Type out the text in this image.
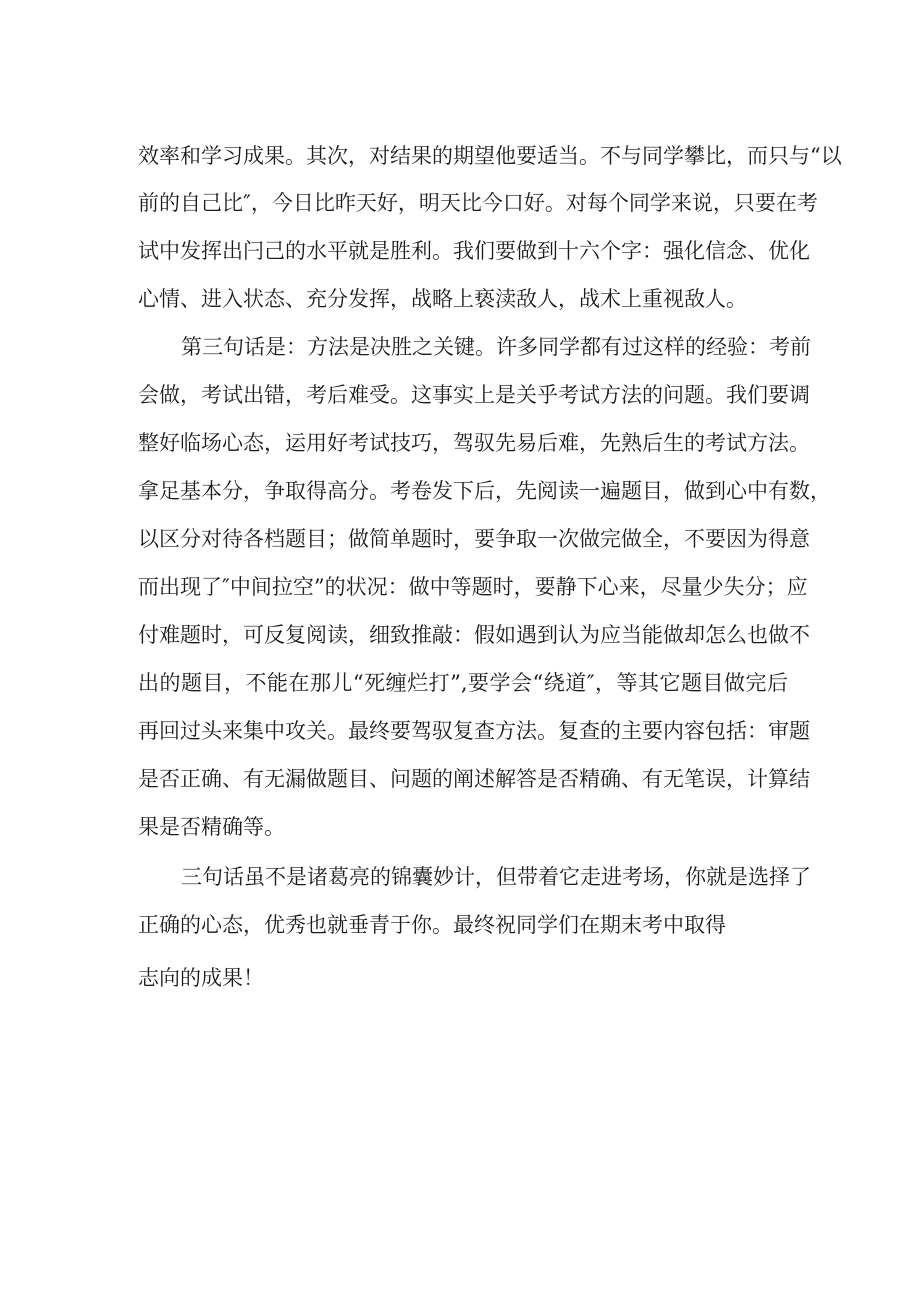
效率和学习成果。其次，对结果的期望他要适当。不与同学攀比，而只与“以

前的自己比″，今日比昨天好，明天比今口好。对每个同学来说，只要在考

试中发挥出闩己的水平就是胜利。我们要做到十六个字：强化信念、优化

心情、进入状态、充分发挥，战略上亵渎敌人，战术上重视敌人。

第三句话是：方法是决胜之关键。许多同学都有过这样的经验：考前

会做，考试出错，考后难受。这事实上是关乎考试方法的问题。我们要调

整好临场心态，运用好考试技巧，驾驭先易后难，先熟后生的考试方法。

拿足基本分，争取得高分。考卷发下后，先阅读一遍题目，做到心中有数，

以区分对待各档题目；做简单题时，要争取一次做完做全，不要因为得意

而出现了″中间拉空”的状况：做中等题时，要静下心来，尽量少失分；应

付难题时，可反复阅读，细致推敲：假如遇到认为应当能做却怎么也做不

出的题目，不能在那儿“死缠烂打”,要学会“绕道″，等其它题目做完后

再回过头来集中攻关。最终要驾驭复查方法。复查的主要内容包括：审题

是否正确、有无漏做题目、问题的阐述解答是否精确、有无笔误，计算结

果是否精确等。

三句话虽不是诸葛亮的锦囊妙计，但带着它走进考场，你就是选择了

正确的心态，优秀也就垂青于你。最终祝同学们在期末考中取得

志向的成果！
